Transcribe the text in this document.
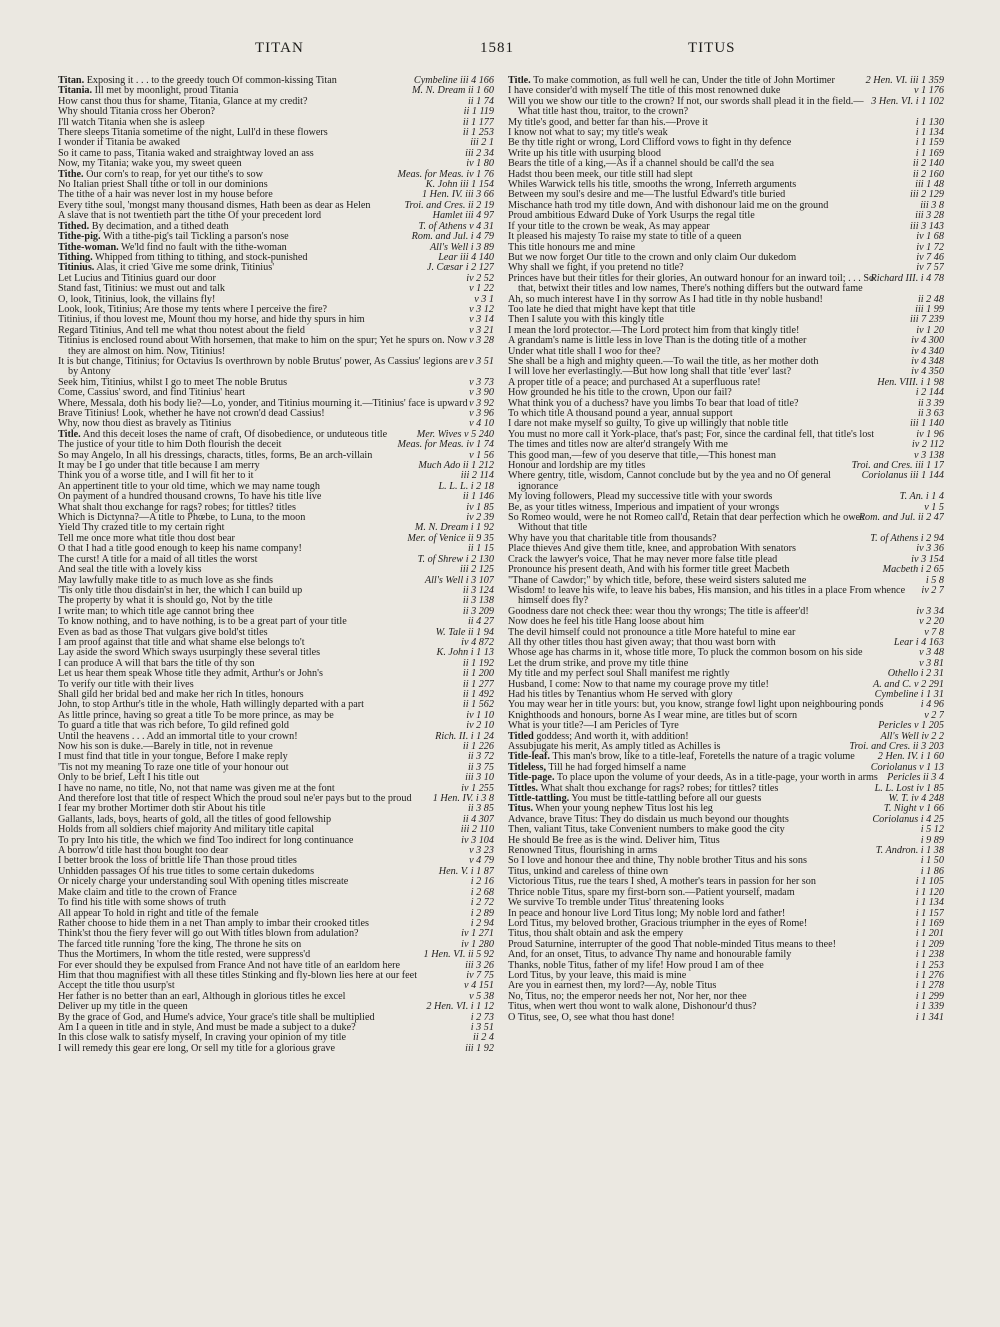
TITAN	1581	TITUS

Cymbeline iii 4 166
Titan. Exposing it . . . to the greedy touch Of common-kissing Titan

M. N. Dream ii 1 60
Titania. Ill met by moonlight, proud Titania

ii 1 74
How canst thou thus for shame, Titania, Glance at my credit?

ii 1 119
Why should Titania cross her Oberon?

ii 1 177
I'll watch Titania when she is asleep

ii 1 253
There sleeps Titania sometime of the night, Lull'd in these flowers

iii 2 1
I wonder if Titania be awaked

iii 2 34
So it came to pass, Titania waked and straightway loved an ass

iv 1 80
Now, my Titania; wake you, my sweet queen

Meas. for Meas. iv 1 76
Tithe. Our corn's to reap, for yet our tithe's to sow

K. John iii 1 154
No Italian priest Shall tithe or toll in our dominions

1 Hen. IV. iii 3 66
The tithe of a hair was never lost in my house before

Troi. and Cres. ii 2 19
Every tithe soul, 'mongst many thousand dismes, Hath been as dear as Helen

Hamlet iii 4 97
A slave that is not twentieth part the tithe Of your precedent lord

T. of Athens v 4 31
Tithed. By decimation, and a tithed death

Rom. and Jul. i 4 79
Tithe-pig. With a tithe-pig's tail Tickling a parson's nose

All's Well i 3 89
Tithe-woman. We'ld find no fault with the tithe-woman

Lear iii 4 140
Tithing. Whipped from tithing to tithing, and stock-punished

J. Cæsar i 2 127
Titinius. Alas, it cried 'Give me some drink, Titinius'

iv 2 52
Let Lucius and Titinius guard our door

v 1 22
Stand fast, Titinius: we must out and talk

v 3 1
O, look, Titinius, look, the villains fly!

v 3 12
Look, look, Titinius; Are those my tents where I perceive the fire?

v 3 14
Titinius, if thou lovest me, Mount thou my horse, and hide thy spurs in him

v 3 21
Regard Titinius, And tell me what thou notest about the field

v 3 28
Titinius is enclosed round about With horsemen, that make to him on the spur; Yet he spurs on. Now they are almost on him. Now, Titinius!

v 3 51
It is but change, Titinius; for Octavius Is overthrown by noble Brutus' power, As Cassius' legions are by Antony

v 3 73
Seek him, Titinius, whilst I go to meet The noble Brutus

v 3 90
Come, Cassius' sword, and find Titinius' heart

v 3 92
Where, Messala, doth his body lie?—Lo, yonder, and Titinius mourning it.—Titinius' face is upward

v 3 96
Brave Titinius! Look, whether he have not crown'd dead Cassius!

v 4 10
Why, now thou diest as bravely as Titinius

Mer. Wives v 5 240
Title. And this deceit loses the name of craft, Of disobedience, or unduteous title

Meas. for Meas. iv 1 74
The justice of your title to him Doth flourish the deceit

v 1 56
So may Angelo, In all his dressings, characts, titles, forms, Be an arch-villain

Much Ado ii 1 212
It may be I go under that title because I am merry

iii 2 114
Think you of a worse title, and I will fit her to it

L. L. L. i 2 18
An appertinent title to your old time, which we may name tough

ii 1 146
On payment of a hundred thousand crowns, To have his title live

iv 1 85
What shalt thou exchange for rags? robes; for tittles? titles

iv 2 39
Which is Dictynna?—A title to Phœbe, to Luna, to the moon

M. N. Dream i 1 92
Yield Thy crazed title to my certain right

Mer. of Venice ii 9 35
Tell me once more what title thou dost bear

ii 1 15
O that I had a title good enough to keep his name company!

T. of Shrew i 2 130
The curst! A title for a maid of all titles the worst

iii 2 125
And seal the title with a lovely kiss

All's Well i 3 107
May lawfully make title to as much love as she finds

ii 3 124
'Tis only title thou disdain'st in her, the which I can build up

ii 3 138
The property by what it is should go, Not by the title

ii 3 209
I write man; to which title age cannot bring thee

ii 4 27
To know nothing, and to have nothing, is to be a great part of your title

W. Tale ii 1 94
Even as bad as those That vulgars give bold'st titles

iv 4 872
I am proof against that title and what shame else belongs to't

K. John i 1 13
Lay aside the sword Which sways usurpingly these several titles

ii 1 192
I can produce A will that bars the title of thy son

ii 1 200
Let us hear them speak Whose title they admit, Arthur's or John's

ii 1 277
To verify our title with their lives

ii 1 492
Shall gild her bridal bed and make her rich In titles, honours

ii 1 562
John, to stop Arthur's title in the whole, Hath willingly departed with a part

iv 1 10
As little prince, having so great a title To be more prince, as may be

iv 2 10
To guard a title that was rich before, To gild refined gold

Rich. II. i 1 24
Until the heavens . . . Add an immortal title to your crown!

ii 1 226
Now his son is duke.—Barely in title, not in revenue

ii 3 72
I must find that title in your tongue, Before I make reply

ii 3 75
'Tis not my meaning To raze one title of your honour out

iii 3 10
Only to be brief, Left I his title out

iv 1 255
I have no name, no title, No, not that name was given me at the font

1 Hen. IV. i 3 8
And therefore lost that title of respect Which the proud soul ne'er pays but to the proud

ii 3 85
I fear my brother Mortimer doth stir About his title

ii 4 307
Gallants, lads, boys, hearts of gold, all the titles of good fellowship

iii 2 110
Holds from all soldiers chief majority And military title capital

iv 3 104
To pry Into his title, the which we find Too indirect for long continuance

v 3 23
A borrow'd title hast thou bought too dear

v 4 79
I better brook the loss of brittle life Than those proud titles

Hen. V. i 1 87
Unhidden passages Of his true titles to some certain dukedoms

i 2 16
Or nicely charge your understanding soul With opening titles miscreate

i 2 68
Make claim and title to the crown of France

i 2 72
To find his title with some shows of truth

i 2 89
All appear To hold in right and title of the female

i 2 94
Rather choose to hide them in a net Than amply to imbar their crooked titles

iv 1 271
Think'st thou the fiery fever will go out With titles blown from adulation?

iv 1 280
The farced title running 'fore the king, The throne he sits on

1 Hen. VI. ii 5 92
Thus the Mortimers, In whom the title rested, were suppress'd

iii 3 26
For ever should they be expulsed from France And not have title of an earldom here

iv 7 75
Him that thou magnifiest with all these titles Stinking and fly-blown lies here at our feet

v 4 151
Accept the title thou usurp'st

v 5 38
Her father is no better than an earl, Although in glorious titles he excel

2 Hen. VI. i 1 12
Deliver up my title in the queen

i 2 73
By the grace of God, and Hume's advice, Your grace's title shall be multiplied

i 3 51
Am I a queen in title and in style, And must be made a subject to a duke?

ii 2 4
In this close walk to satisfy myself, In craving your opinion of my title

iii 1 92
I will remedy this gear ere long, Or sell my title for a glorious grave

2 Hen. VI. iii 1 359
Title. To make commotion, as full well he can, Under the title of John Mortimer

v 1 176
I have consider'd with myself The title of this most renowned duke

3 Hen. VI. i 1 102
Will you we show our title to the crown? If not, our swords shall plead it in the field.—What title hast thou, traitor, to the crown?

i 1 130
My title's good, and better far than his.—Prove it

i 1 134
I know not what to say; my title's weak

i 1 159
Be thy title right or wrong, Lord Clifford vows to fight in thy defence

i 1 169
Write up his title with usurping blood

ii 2 140
Bears the title of a king,—As if a channel should be call'd the sea

ii 2 160
Hadst thou been meek, our title still had slept

iii 1 48
Whiles Warwick tells his title, smooths the wrong, Inferreth arguments

iii 2 129
Between my soul's desire and me—The lustful Edward's title buried

iii 3 8
Mischance hath trod my title down, And with dishonour laid me on the ground

iii 3 28
Proud ambitious Edward Duke of York Usurps the regal title

iii 3 143
If your title to the crown be weak, As may appear

iv 1 68
It pleased his majesty To raise my state to title of a queen

iv 1 72
This title honours me and mine

iv 7 46
But we now forget Our title to the crown and only claim Our dukedom

iv 7 57
Why shall we fight, if you pretend no title?

Richard III. i 4 78
Princes have but their titles for their glories, An outward honour for an inward toil; . . . So that, betwixt their titles and low names, There's nothing differs but the outward fame

ii 2 48
Ah, so much interest have I in thy sorrow As I had title in thy noble husband!

iii 1 99
Too late he died that might have kept that title

iii 7 239
Then I salute you with this kingly title

iv 1 20
I mean the lord protector.—The Lord protect him from that kingly title!

iv 4 300
A grandam's name is little less in love Than is the doting title of a mother

iv 4 340
Under what title shall I woo for thee?

iv 4 348
She shall be a high and mighty queen.—To wail the title, as her mother doth

iv 4 350
I will love her everlastingly.—But how long shall that title 'ever' last?

Hen. VIII. i 1 98
A proper title of a peace; and purchased At a superfluous rate!

i 2 144
How grounded he his title to the crown, Upon our fail?

ii 3 39
What think you of a duchess? have you limbs To bear that load of title?

ii 3 63
To which title A thousand pound a year, annual support

iii 1 140
I dare not make myself so guilty, To give up willingly that noble title

iv 1 96
You must no more call it York-place, that's past; For, since the cardinal fell, that title's lost

iv 2 112
The times and titles now are alter'd strangely With me

v 3 138
This good man,—few of you deserve that title,—This honest man

Troi. and Cres. iii 1 17
Honour and lordship are my titles

Coriolanus iii 1 144
Where gentry, title, wisdom, Cannot conclude but by the yea and no Of general ignorance

T. An. i 1 4
My loving followers, Plead my successive title with your swords

v 1 5
Be, as your titles witness, Imperious and impatient of your wrongs

Rom. and Jul. ii 2 47
So Romeo would, were he not Romeo call'd, Retain that dear perfection which he owes Without that title

T. of Athens i 2 94
Why have you that charitable title from thousands?

iv 3 36
Place thieves And give them title, knee, and approbation With senators

iv 3 154
Crack the lawyer's voice, That he may never more false title plead

Macbeth i 2 65
Pronounce his present death, And with his former title greet Macbeth

i 5 8
"Thane of Cawdor;" by which title, before, these weird sisters saluted me

iv 2 7
Wisdom! to leave his wife, to leave his babes, His mansion, and his titles in a place From whence himself does fly?

iv 3 34
Goodness dare not check thee: wear thou thy wrongs; The title is affeer'd!

v 2 20
Now does he feel his title Hang loose about him

v 7 8
The devil himself could not pronounce a title More hateful to mine ear

Lear i 4 163
All thy other titles thou hast given away; that thou wast born with

v 3 48
Whose age has charms in it, whose title more, To pluck the common bosom on his side

v 3 81
Let the drum strike, and prove my title thine

Othello i 2 31
My title and my perfect soul Shall manifest me rightly

A. and C. v 2 291
Husband, I come: Now to that name my courage prove my title!

Cymbeline i 1 31
Had his titles by Tenantius whom He served with glory

i 4 96
You may wear her in title yours: but, you know, strange fowl light upon neighbouring ponds

v 2 7
Knighthoods and honours, borne As I wear mine, are titles but of scorn

Pericles v 1 205
What is your title?—I am Pericles of Tyre

All's Well iv 2 2
Titled goddess; And worth it, with addition!

Troi. and Cres. ii 3 203
Assubjugate his merit, As amply titled as Achilles is

2 Hen. IV. i 1 60
Title-leaf. This man's brow, like to a title-leaf, Foretells the nature of a tragic volume

Coriolanus v 1 13
Titleless, Till he had forged himself a name

Pericles ii 3 4
Title-page. To place upon the volume of your deeds, As in a title-page, your worth in arms

L. L. Lost iv 1 85
Tittles. What shalt thou exchange for rags? robes; for tittles? titles

W. T. iv 4 248
Tittle-tattling. You must be tittle-tattling before all our guests

T. Night v 1 66
Titus. When your young nephew Titus lost his leg

Coriolanus i 4 25
Advance, brave Titus: They do disdain us much beyond our thoughts

i 5 12
Then, valiant Titus, take Convenient numbers to make good the city

i 9 89
He should Be free as is the wind. Deliver him, Titus

T. Andron. i 1 38
Renowned Titus, flourishing in arms

i 1 50
So I love and honour thee and thine, Thy noble brother Titus and his sons

i 1 86
Titus, unkind and careless of thine own

i 1 105
Victorious Titus, rue the tears I shed, A mother's tears in passion for her son

i 1 120
Thrice noble Titus, spare my first-born son.—Patient yourself, madam

i 1 134
We survive To tremble under Titus' threatening looks

i 1 157
In peace and honour live Lord Titus long; My noble lord and father!

i 1 169
Lord Titus, my beloved brother, Gracious triumpher in the eyes of Rome!

i 1 201
Titus, thou shalt obtain and ask the empery

i 1 209
Proud Saturnine, interrupter of the good That noble-minded Titus means to thee!

i 1 238
And, for an onset, Titus, to advance Thy name and honourable family

i 1 253
Thanks, noble Titus, father of my life! How proud I am of thee

i 1 276
Lord Titus, by your leave, this maid is mine

i 1 278
Are you in earnest then, my lord?—Ay, noble Titus

i 1 299
No, Titus, no; the emperor needs her not, Nor her, nor thee

i 1 339
Titus, when wert thou wont to walk alone, Dishonour'd thus?

i 1 341
O Titus, see, O, see what thou hast done!
